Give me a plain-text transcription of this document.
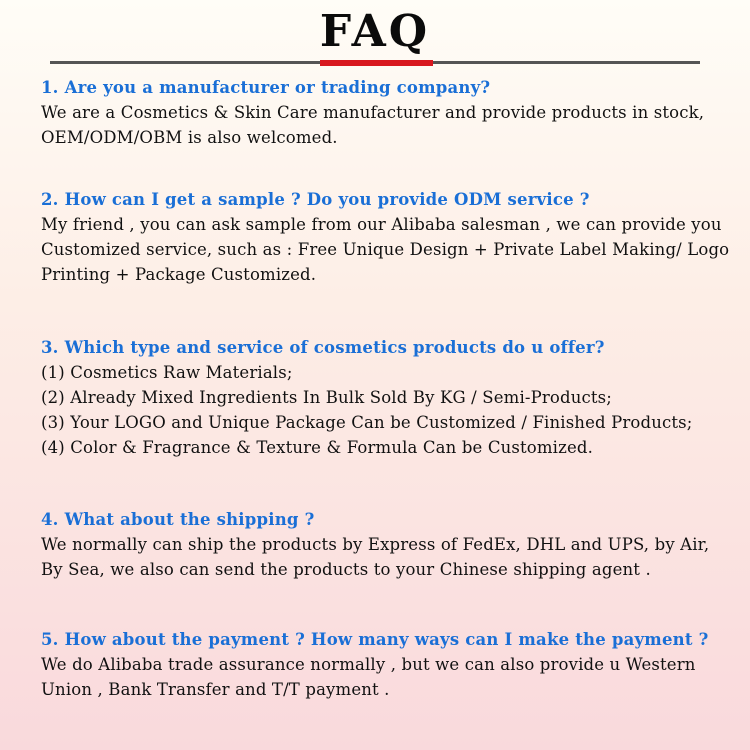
FAQ
1. Are you a manufacturer or trading company?
We are a Cosmetics & Skin Care manufacturer and provide products in stock,
OEM/ODM/OBM is also welcomed.
2. How can I get a sample ? Do you provide ODM service ?
My friend , you can ask sample from our Alibaba salesman , we can provide you
Customized service, such as : Free Unique Design + Private Label Making/ Logo
Printing + Package Customized.
3. Which type and service of cosmetics products do u offer?
(1) Cosmetics Raw Materials;
(2) Already Mixed Ingredients In Bulk Sold By KG / Semi-Products;
(3) Your LOGO and Unique Package Can be Customized / Finished Products;
(4) Color & Fragrance & Texture & Formula Can be Customized.
4. What about the shipping ?
We normally can ship the products by Express of FedEx, DHL and UPS, by Air,
By Sea, we also can send the products to your Chinese shipping agent .
5. How about the payment ? How many ways can I make the payment ?
We do Alibaba trade assurance normally , but we can also provide u Western
Union , Bank Transfer and T/T payment .
